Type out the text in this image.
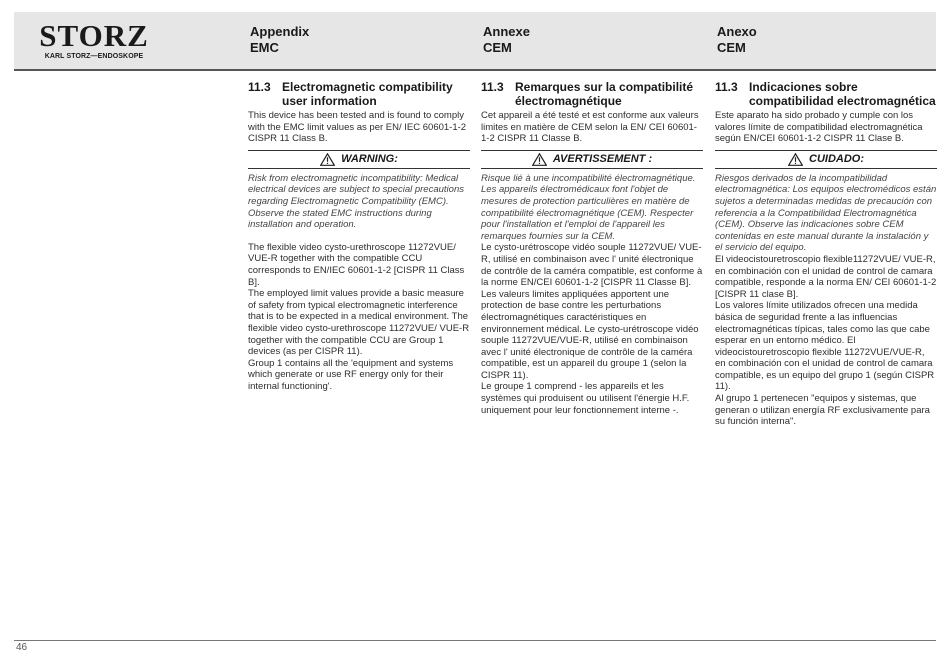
STORZ
KARL STORZ—ENDOSKOPE
Appendix
EMC
Annexe
CEM
Anexo
CEM
11.3 Electromagnetic compatibility user information

This device has been tested and is found to comply with the EMC limit values as per EN/ IEC 60601-1-2 CISPR 11 Class B.

WARNING:

Risk from electromagnetic incompatibility: Medical electrical devices are subject to special precautions regarding Electromagnetic Compatibility (EMC). Observe the stated EMC instructions during installation and operation.

The flexible video cysto-urethroscope 11272VUE/ VUE-R together with the compatible CCU corresponds to EN/IEC 60601-1-2 [CISPR 11 Class B].

The employed limit values provide a basic measure of safety from typical electromagnetic interference that is to be expected in a medical environment. The flexible video cysto-urethroscope 11272VUE/ VUE-R together with the compatible CCU are Group 1 devices (as per CISPR 11).

Group 1 contains all the 'equipment and systems which generate or use RF energy only for their internal functioning'.

11.3 Remarques sur la compatibilité électromagnétique

Cet appareil a été testé et est conforme aux valeurs limites en matière de CEM selon la EN/ CEI 60601-1-2 CISPR 11 Classe B.

AVERTISSEMENT :

Risque lié à une incompatibilité électromagnétique. Les appareils électromédicaux font l'objet de mesures de protection particulières en matière de compatibilité électromagnétique (CEM). Respecter pour l'installation et l'emploi de l'appareil les remarques fournies sur la CEM.

Le cysto-urétroscope vidéo souple 11272VUE/ VUE-R, utilisé en combinaison avec l' unité électronique de contrôle de la caméra compatible, est conforme à la norme EN/CEI 60601-1-2 [CISPR 11 Classe B].

Les valeurs limites appliquées apportent une protection de base contre les perturbations électromagnétiques caractéristiques en environnement médical. Le cysto-urétroscope vidéo souple 11272VUE/VUE-R, utilisé en combinaison avec l' unité électronique de contrôle de la caméra compatible, est un appareil du groupe 1 (selon la CISPR 11).

Le groupe 1 comprend - les appareils et les systèmes qui produisent ou utilisent l'énergie H.F. uniquement pour leur fonctionnement interne -.

11.3 Indicaciones sobre compatibilidad electromagnética

Este aparato ha sido probado y cumple con los valores límite de compatibilidad electromagnética según EN/CEI 60601-1-2 CISPR 11 Clase B.

CUIDADO:

Riesgos derivados de la incompatibilidad electromagnética: Los equipos electromédicos están sujetos a determinadas medidas de precaución con referencia a la Compatibilidad Electromagnética (CEM). Observe las indicaciones sobre CEM contenidas en este manual durante la instalación y el servicio del equipo.

El videocistouretroscopio flexible11272VUE/ VUE-R, en combinación con el unidad de control de camara compatible, responde a la norma EN/ CEI 60601-1-2 [CISPR 11 clase B].

Los valores límite utilizados ofrecen una medida básica de seguridad frente a las influencias electromagnéticas típicas, tales como las que cabe esperar en un entorno médico. El videocistouretroscopio flexible 11272VUE/VUE-R, en combinación con el unidad de control de camara compatible, es un equipo del grupo 1 (según CISPR 11).

Al grupo 1 pertenecen "equipos y sistemas, que generan o utilizan energía RF exclusivamente para su función interna".

46
